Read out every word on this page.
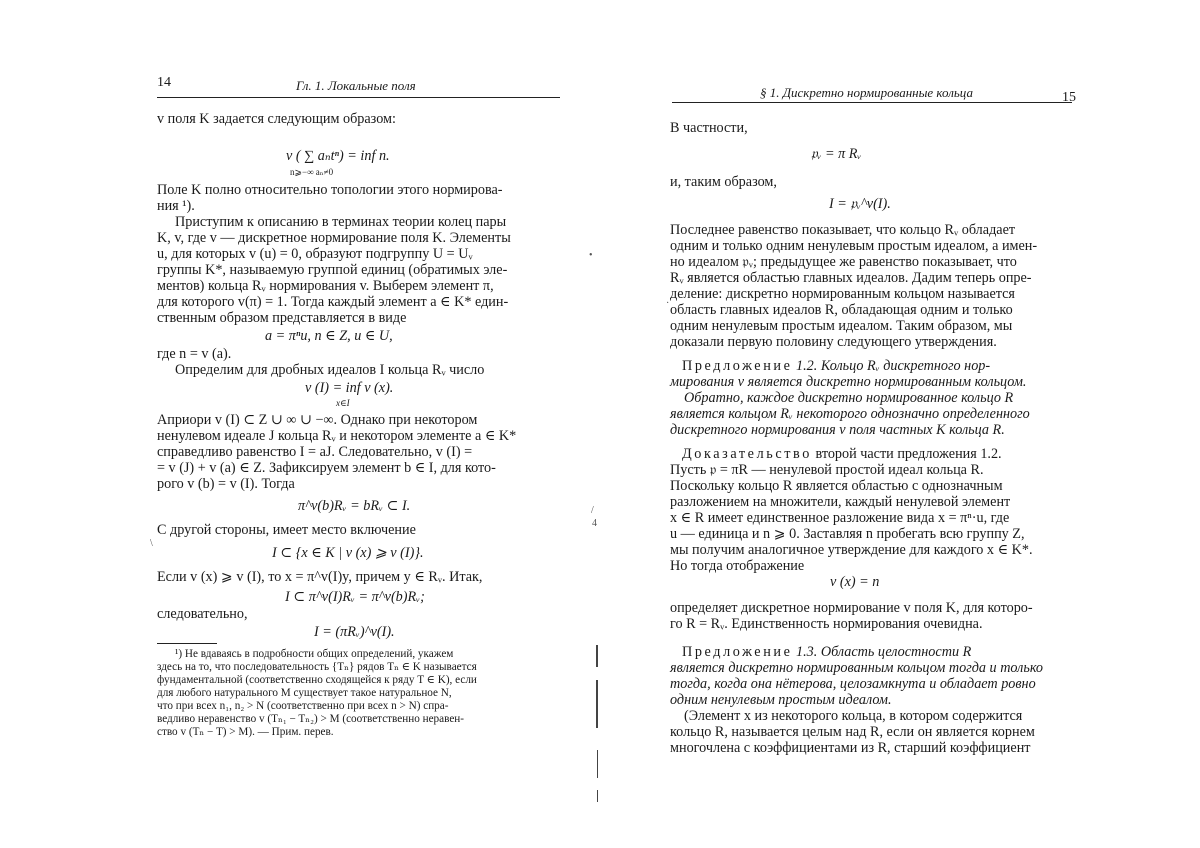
14	Гл. 1. Локальные поля
v поля K задается следующим образом:
v ( ∑ aₙtⁿ) = inf n.
n⩾−∞ aₙ≠0
Поле K полно относительно топологии этого нормирова-
ния ¹).
Приступим к описанию в терминах теории колец пары
K, v, где v — дискретное нормирование поля K. Элементы
u, для которых v (u) = 0, образуют подгруппу U = Uᵥ
группы K*, называемую группой единиц (обратимых эле-
ментов) кольца Rᵥ нормирования v. Выберем элемент π,
для которого v(π) = 1. Тогда каждый элемент a ∈ K* един-
ственным образом представляется в виде
a = πⁿu, n ∈ Z, u ∈ U,
где n = v (a).
Определим для дробных идеалов I кольца Rᵥ число
v (I) = inf v (x).
x∈I
Априори v (I) ⊂ Z ∪ ∞ ∪ −∞. Однако при некотором
ненулевом идеале J кольца Rᵥ и некотором элементе a ∈ K*
справедливо равенство I = aJ. Следовательно, v (I) =
= v (J) + v (a) ∈ Z. Зафиксируем элемент b ∈ I, для кото-
рого v (b) = v (I). Тогда
π^v(b)Rᵥ = bRᵥ ⊂ I.
С другой стороны, имеет место включение
I ⊂ {x ∈ K | v (x) ⩾ v (I)}.
Если v (x) ⩾ v (I), то x = π^v(I)y, причем y ∈ Rᵥ. Итак,
I ⊂ π^v(I)Rᵥ = π^v(b)Rᵥ;
следовательно,
I = (πRᵥ)^v(I).
¹) Не вдаваясь в подробности общих определений, укажем
здесь на то, что последовательность {Tₙ} рядов Tₙ ∈ K называется
фундаментальной (соответственно сходящейся к ряду T ∈ K), если
для любого натурального M существует такое натуральное N,
что при всех n₁, n₂ > N (соответственно при всех n > N) спра-
ведливо неравенство v (Tₙ₁ − Tₙ₂) > M (соответственно неравен-
ство v (Tₙ − T) > M). — Прим. перев.
•
/
4
\
§ 1. Дискретно нормированные кольца	15
В частности,
𝔭ᵥ = π Rᵥ
и, таким образом,
I = 𝔭ᵥ^v(I).
Последнее равенство показывает, что кольцо Rᵥ обладает
одним и только одним ненулевым простым идеалом, а имен-
но идеалом 𝔭ᵥ; предыдущее же равенство показывает, что
Rᵥ является областью главных идеалов. Дадим теперь опре-
деление: дискретно нормированным кольцом называется
область главных идеалов R, обладающая одним и только
одним ненулевым простым идеалом. Таким образом, мы
доказали первую половину следующего утверждения.
Предложение 1.2. Кольцо Rᵥ дискретного нор-
мирования v является дискретно нормированным кольцом.
Обратно, каждое дискретно нормированное кольцо R
является кольцом Rᵥ некоторого однозначно определенного
дискретного нормирования v поля частных K кольца R.
Доказательство второй части предложения 1.2.
Пусть 𝔭 = πR — ненулевой простой идеал кольца R.
Поскольку кольцо R является областью с однозначным
разложением на множители, каждый ненулевой элемент
x ∈ R имеет единственное разложение вида x = πⁿ·u, где
u — единица и n ⩾ 0. Заставляя n пробегать всю группу Z,
мы получим аналогичное утверждение для каждого x ∈ K*.
Но тогда отображение
v (x) = n
определяет дискретное нормирование v поля K, для которо-
го R = Rᵥ. Единственность нормирования очевидна.
Предложение 1.3. Область целостности R
является дискретно нормированным кольцом тогда и только
тогда, когда она нётерова, целозамкнута и обладает ровно
одним ненулевым простым идеалом.
(Элемент x из некоторого кольца, в котором содержится
кольцо R, называется целым над R, если он является корнем
многочлена с коэффициентами из R, старший коэффициент
·
